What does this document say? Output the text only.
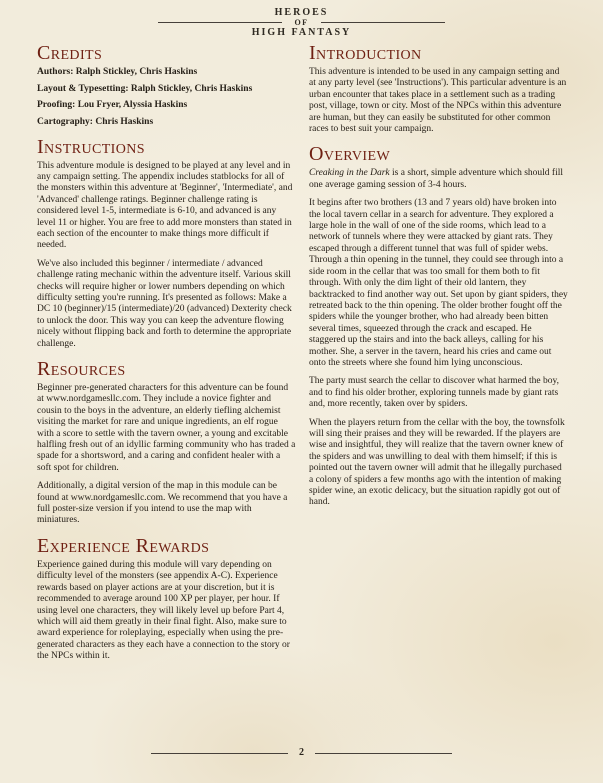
HEROES
OF
HIGH FANTASY
Credits

Authors: Ralph Stickley, Chris Haskins

Layout & Typesetting: Ralph Stickley, Chris Haskins

Proofing: Lou Fryer, Alyssia Haskins

Cartography: Chris Haskins

Instructions

This adventure module is designed to be played at any level and in any campaign setting. The appendix includes statblocks for all of the monsters within this adventure at 'Beginner', 'Intermediate', and 'Advanced' challenge ratings. Beginner challenge rating is considered level 1-5, intermediate is 6-10, and advanced is any level 11 or higher. You are free to add more monsters than stated in each section of the encounter to make things more difficult if needed.

We've also included this beginner / intermediate / advanced challenge rating mechanic within the adventure itself. Various skill checks will require higher or lower numbers depending on which difficulty setting you're running. It's presented as follows: Make a DC 10 (beginner)/15 (intermediate)/20 (advanced) Dexterity check to unlock the door. This way you can keep the adventure flowing nicely without flipping back and forth to determine the appropriate challenge.

Resources

Beginner pre-generated characters for this adventure can be found at www.nordgamesllc.com. They include a novice fighter and cousin to the boys in the adventure, an elderly tiefling alchemist visiting the market for rare and unique ingredients, an elf rogue with a score to settle with the tavern owner, a young and excitable halfling fresh out of an idyllic farming community who has traded a spade for a shortsword, and a caring and confident healer with a soft spot for children.

Additionally, a digital version of the map in this module can be found at www.nordgamesllc.com. We recommend that you have a full poster-size version if you intend to use the map with miniatures.

Experience Rewards

Experience gained during this module will vary depending on difficulty level of the monsters (see appendix A-C). Experience rewards based on player actions are at your discretion, but it is recommended to average around 100 XP per player, per hour. If using level one characters, they will likely level up before Part 4, which will aid them greatly in their final fight. Also, make sure to award experience for roleplaying, especially when using the pre-generated characters as they each have a connection to the story or the NPCs within it.

Introduction

This adventure is intended to be used in any campaign setting and at any party level (see 'Instructions'). This particular adventure is an urban encounter that takes place in a settlement such as a trading post, village, town or city. Most of the NPCs within this adventure are human, but they can easily be substituted for other common races to best suit your campaign.

Overview

Creaking in the Dark is a short, simple adventure which should fill one average gaming session of 3-4 hours.

It begins after two brothers (13 and 7 years old) have broken into the local tavern cellar in a search for adventure. They explored a large hole in the wall of one of the side rooms, which lead to a network of tunnels where they were attacked by giant rats. They escaped through a different tunnel that was full of spider webs. Through a thin opening in the tunnel, they could see through into a side room in the cellar that was too small for them both to fit through. With only the dim light of their old lantern, they backtracked to find another way out. Set upon by giant spiders, they retreated back to the thin opening. The older brother fought off the spiders while the younger brother, who had already been bitten several times, squeezed through the crack and escaped. He staggered up the stairs and into the back alleys, calling for his mother. She, a server in the tavern, heard his cries and came out onto the streets where she found him lying unconscious.

The party must search the cellar to discover what harmed the boy, and to find his older brother, exploring tunnels made by giant rats and, more recently, taken over by spiders.

When the players return from the cellar with the boy, the townsfolk will sing their praises and they will be rewarded. If the players are wise and insightful, they will realize that the tavern owner knew of the spiders and was unwilling to deal with them himself; if this is pointed out the tavern owner will admit that he illegally purchased a colony of spiders a few months ago with the intention of making spider wine, an exotic delicacy, but the situation rapidly got out of hand.

2
